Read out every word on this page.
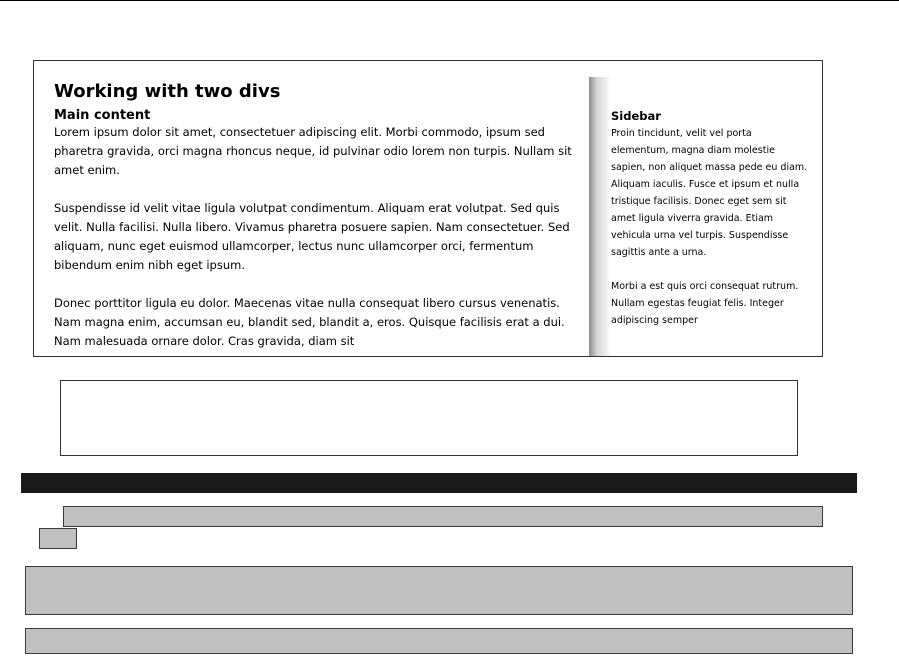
Working with two divs
Main content

Lorem ipsum dolor sit amet, consectetuer adipiscing elit. Morbi commodo, ipsum sed pharetra gravida, orci magna rhoncus neque, id pulvinar odio lorem non turpis. Nullam sit amet enim.

Suspendisse id velit vitae ligula volutpat condimentum. Aliquam erat volutpat. Sed quis velit. Nulla facilisi. Nulla libero. Vivamus pharetra posuere sapien. Nam consectetuer. Sed aliquam, nunc eget euismod ullamcorper, lectus nunc ullamcorper orci, fermentum bibendum enim nibh eget ipsum.

Donec porttitor ligula eu dolor. Maecenas vitae nulla consequat libero cursus venenatis. Nam magna enim, accumsan eu, blandit sed, blandit a, eros. Quisque facilisis erat a dui. Nam malesuada ornare dolor. Cras gravida, diam sit

Sidebar

Proin tincidunt, velit vel porta elementum, magna diam molestie sapien, non aliquet massa pede eu diam. Aliquam iaculis. Fusce et ipsum et nulla tristique facilisis. Donec eget sem sit amet ligula viverra gravida. Etiam vehicula urna vel turpis. Suspendisse sagittis ante a urna.

Morbi a est quis orci consequat rutrum. Nullam egestas feugiat felis. Integer adipiscing semper
